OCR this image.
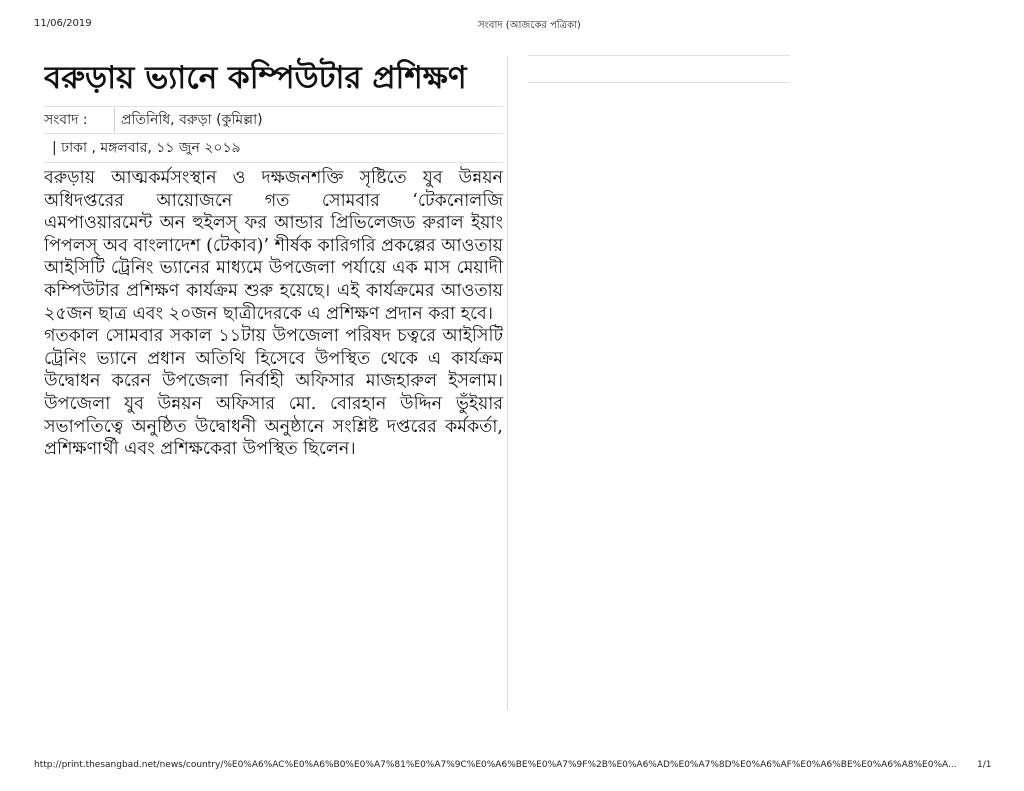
11/06/2019	সংবাদ (আজকের পত্রিকা)
বরুড়ায় ভ্যানে কম্পিউটার প্রশিক্ষণ
সংবাদ :	প্রতিনিধি, বরুড়া (কুমিল্লা)
| ঢাকা , মঙ্গলবার, ১১ জুন ২০১৯

বরুড়ায় আত্মকর্মসংস্থান ও দক্ষজনশক্তি সৃষ্টিতে যুব উন্নয়ন অধিদপ্তরের আয়োজনে গত সোমবার ‘টেকনোলজি এমপাওয়ারমেন্ট অন হুইলস্ ফর আন্ডার প্রিভিলেজড রুরাল ইয়াং পিপলস্ অব বাংলাদেশ (টেকাব)’ শীর্ষক কারিগরি প্রকল্পের আওতায় আইসিটি ট্রেনিং ভ্যানের মাধ্যমে উপজেলা পর্যায়ে এক মাস মেয়াদী কম্পিউটার প্রশিক্ষণ কার্যক্রম শুরু হয়েছে। এই কার্যক্রমের আওতায় ২৫জন ছাত্র এবং ২০জন ছাত্রীদেরকে এ প্রশিক্ষণ প্রদান করা হবে।

গতকাল সোমবার সকাল ১১টায় উপজেলা পরিষদ চত্বরে আইসিটি ট্রেনিং ভ্যানে প্রধান অতিথি হিসেবে উপস্থিত থেকে এ কার্যক্রম উদ্বোধন করেন উপজেলা নির্বাহী অফিসার মাজহারুল ইসলাম। উপজেলা যুব উন্নয়ন অফিসার মো. বোরহান উদ্দিন ভুঁইয়ার সভাপতিত্বে অনুষ্ঠিত উদ্বোধনী অনুষ্ঠানে সংশ্লিষ্ট দপ্তরের কর্মকর্তা, প্রশিক্ষণার্থী এবং প্রশিক্ষকেরা উপস্থিত ছিলেন।

http://print.thesangbad.net/news/country/%E0%A6%AC%E0%A6%B0%E0%A7%81%E0%A7%9C%E0%A6%BE%E0%A7%9F%2B%E0%A6%AD%E0%A7%8D%E0%A6%AF%E0%A6%BE%E0%A6%A8%E0%A...	1/1
